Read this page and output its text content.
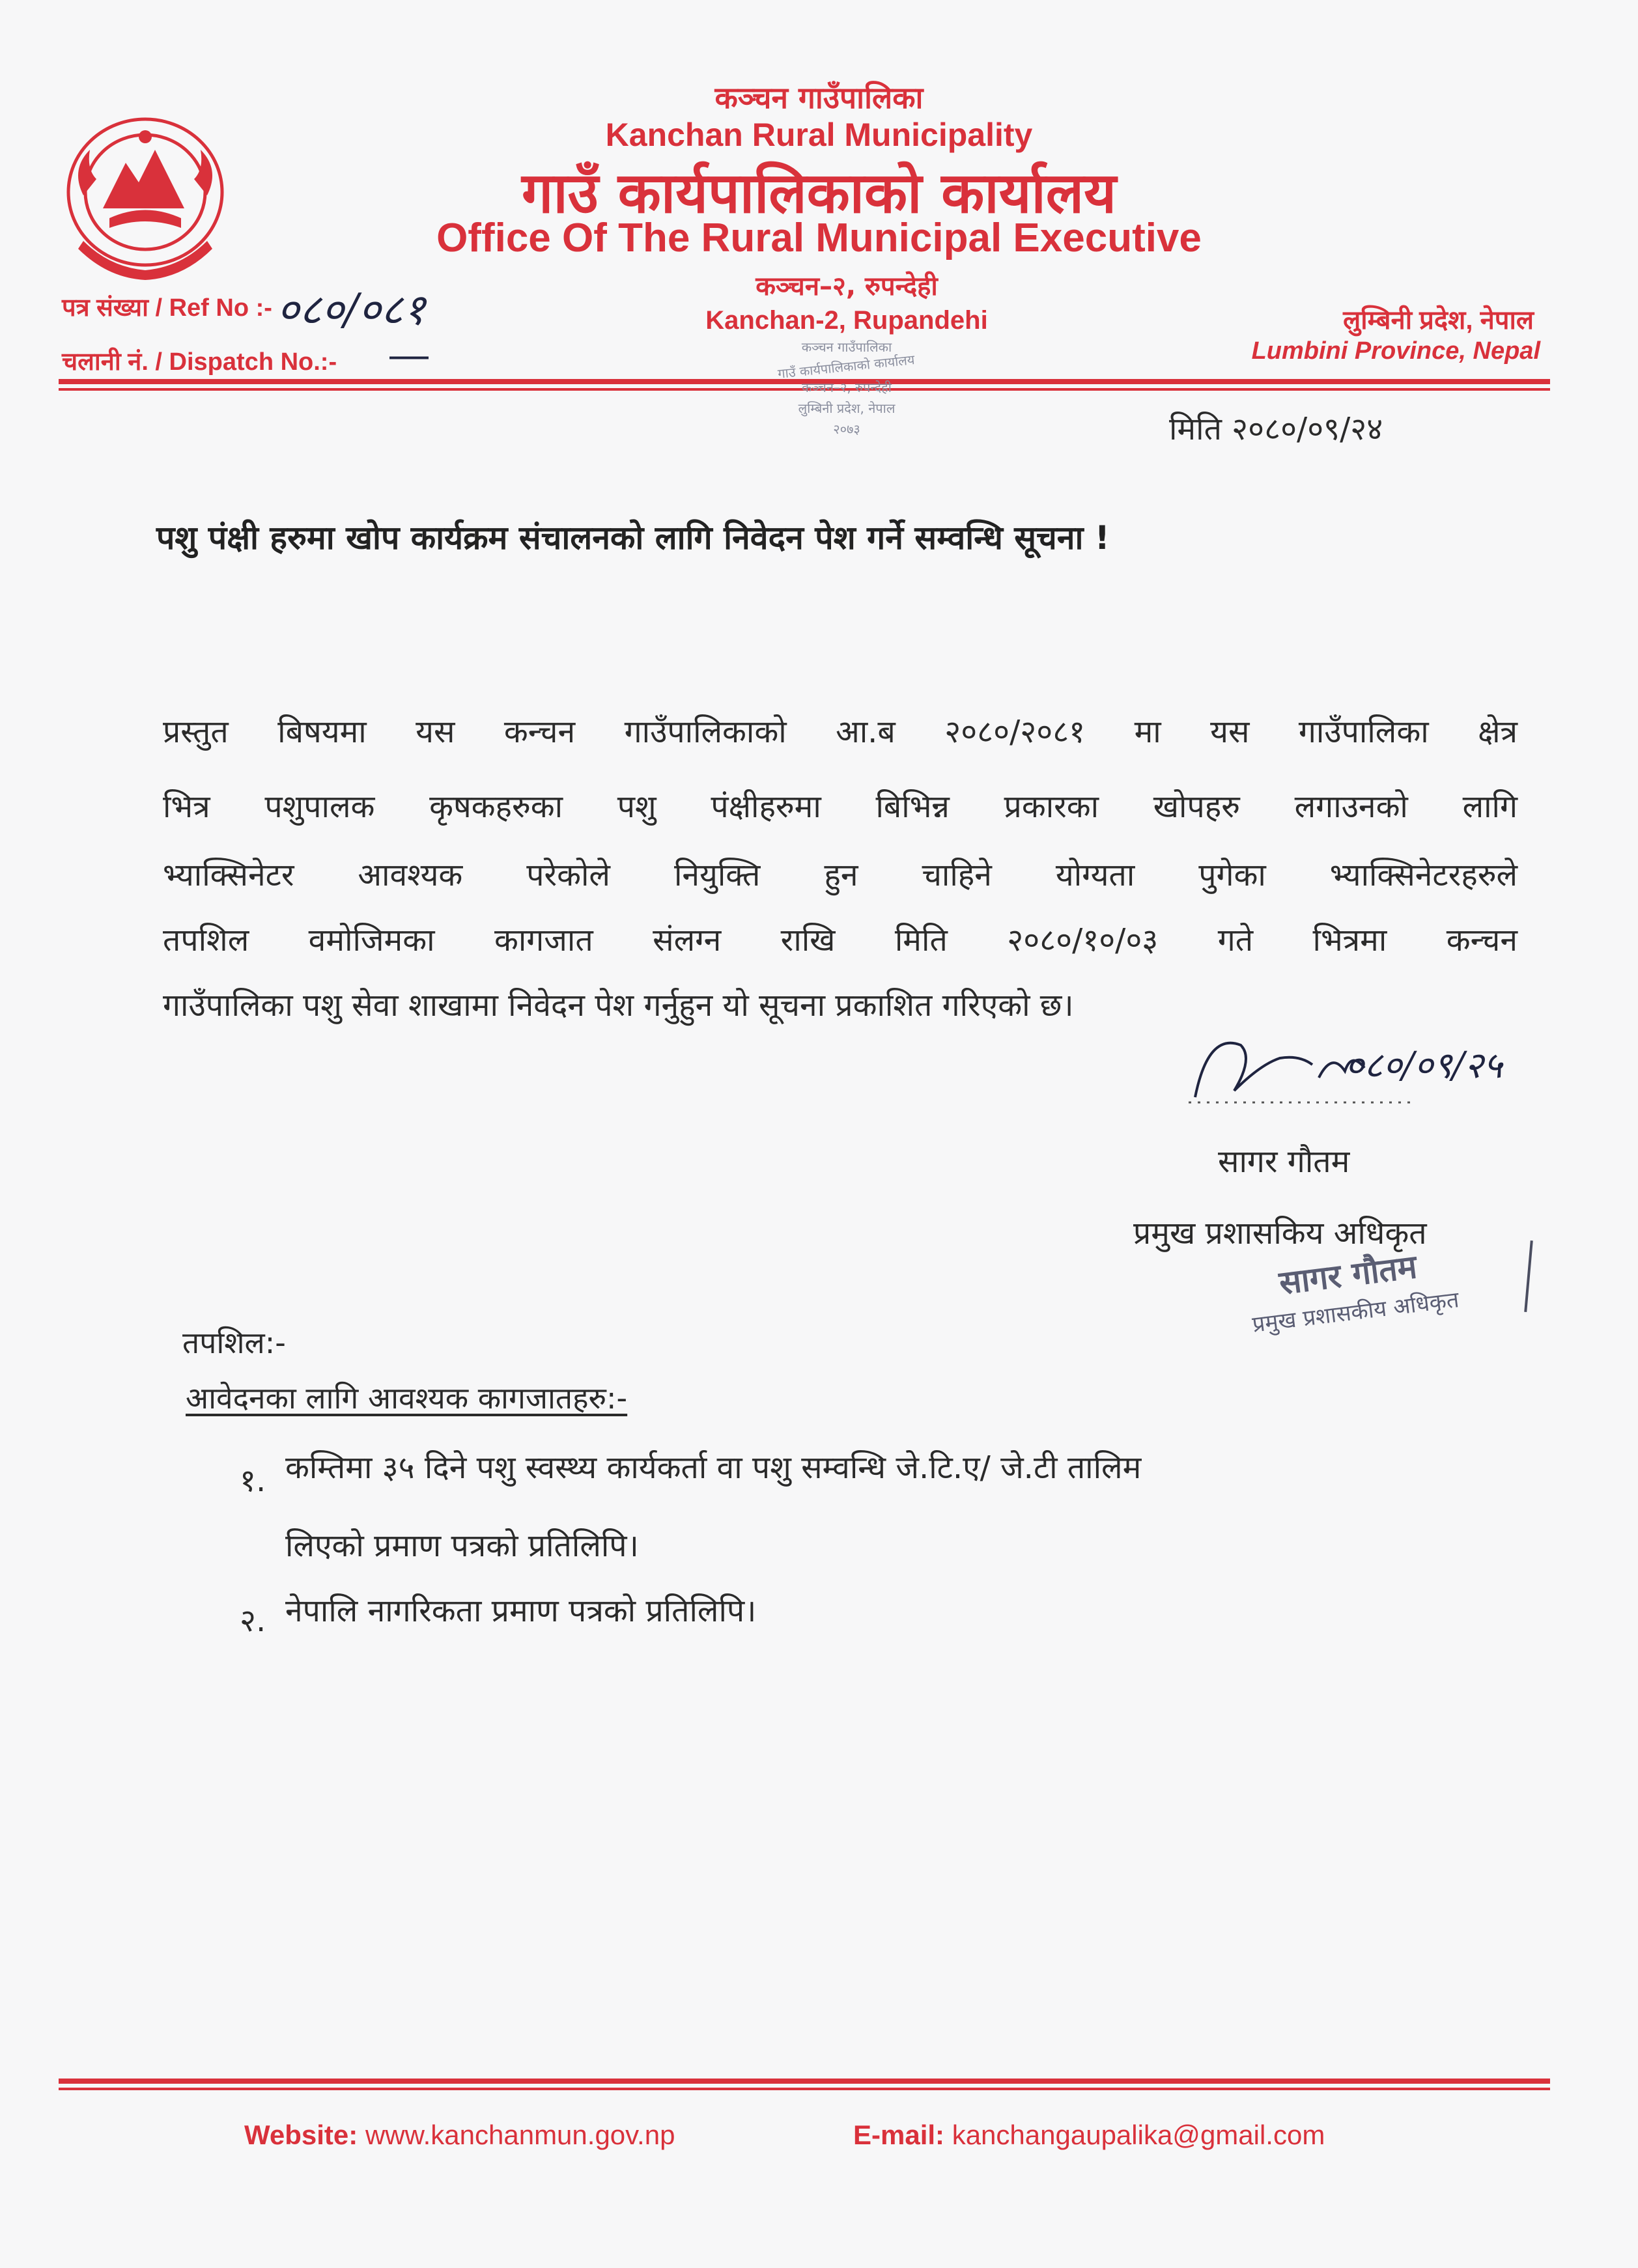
कञ्चन गाउँपालिका
Kanchan Rural Municipality
गाउँ कार्यपालिकाको कार्यालय
Office Of The Rural Municipal Executive
कञ्चन–२, रुपन्देही
Kanchan-2, Rupandehi
पत्र संख्या / Ref No :- ०८०/०८१
चलानी नं. / Dispatch No.:- —
लुम्बिनी प्रदेश, नेपाल
Lumbini Province, Nepal
कञ्चन गाउँपालिका
गाउँ कार्यपालिकाको कार्यालय
कञ्चन–२, रुपन्देही
लुम्बिनी प्रदेश, नेपाल
२०७३	मिति २०८०/०९/२४
पशु पंक्षी हरुमा खोप कार्यक्रम संचालनको लागि निवेदन पेश गर्ने सम्वन्धि सूचना !
प्रस्तुत बिषयमा यस कन्चन गाउँपालिकाको आ.ब २०८०/२०८१ मा यस गाउँपालिका क्षेत्र
भित्र पशुपालक कृषकहरुका पशु पंक्षीहरुमा बिभिन्न प्रकारका खोपहरु लगाउनको लागि
भ्याक्सिनेटर आवश्यक परेकोले नियुक्ति हुन चाहिने योग्यता पुगेका भ्याक्सिनेटरहरुले
तपशिल वमोजिमका कागजात संलग्न राखि मिति २०८०/१०/०३ गते भित्रमा कन्चन
गाउँपालिका पशु सेवा शाखामा निवेदन पेश गर्नुहुन यो सूचना प्रकाशित गरिएको छ।
०८०/०९/२५
सागर गौतम
प्रमुख प्रशासकिय अधिकृत
सागर गौतम
प्रमुख प्रशासकीय अधिकृत
तपशिल:-
आवेदनका लागि आवश्यक कागजातहरु:-
१. कम्तिमा ३५ दिने पशु स्वस्थ्य कार्यकर्ता वा पशु सम्वन्धि जे.टि.ए/ जे.टी तालिम
लिएको प्रमाण पत्रको प्रतिलिपि।
२. नेपालि नागरिकता प्रमाण पत्रको प्रतिलिपि।
Website: www.kanchanmun.gov.np	E-mail: kanchangaupalika@gmail.com
